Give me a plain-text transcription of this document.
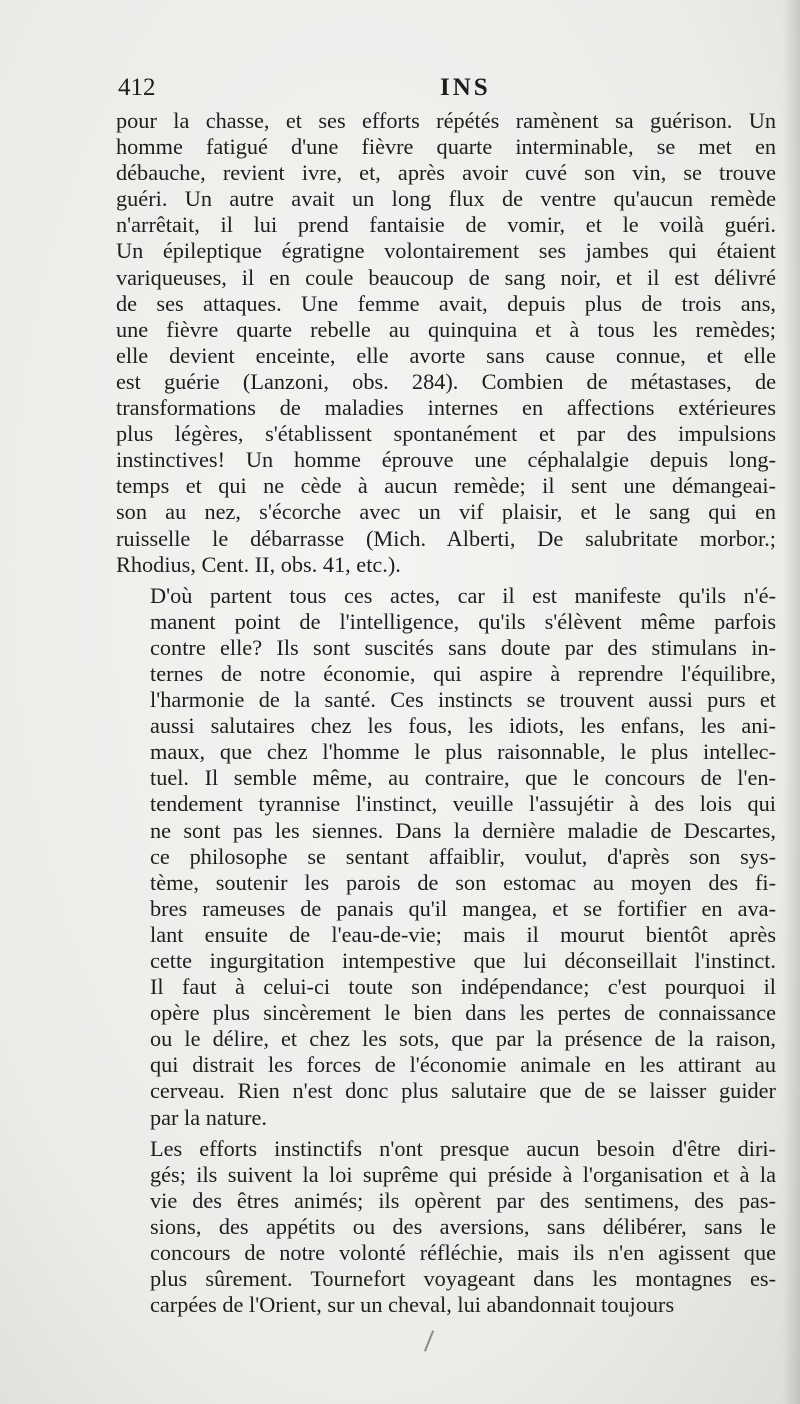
412	INS

pour la chasse, et ses efforts répétés ramènent sa guérison. Un
homme fatigué d'une fièvre quarte interminable, se met en
débauche, revient ivre, et, après avoir cuvé son vin, se trouve
guéri. Un autre avait un long flux de ventre qu'aucun remède
n'arrêtait, il lui prend fantaisie de vomir, et le voilà guéri.
Un épileptique égratigne volontairement ses jambes qui étaient
variqueuses, il en coule beaucoup de sang noir, et il est délivré
de ses attaques. Une femme avait, depuis plus de trois ans,
une fièvre quarte rebelle au quinquina et à tous les remèdes;
elle devient enceinte, elle avorte sans cause connue, et elle
est guérie (Lanzoni, obs. 284). Combien de métastases, de
transformations de maladies internes en affections extérieures
plus légères, s'établissent spontanément et par des impulsions
instinctives! Un homme éprouve une céphalalgie depuis long-
temps et qui ne cède à aucun remède; il sent une démangeai-
son au nez, s'écorche avec un vif plaisir, et le sang qui en
ruisselle le débarrasse (Mich. Alberti, De salubritate morbor.;
Rhodius, Cent. II, obs. 41, etc.).

D'où partent tous ces actes, car il est manifeste qu'ils n'é-
manent point de l'intelligence, qu'ils s'élèvent même parfois
contre elle? Ils sont suscités sans doute par des stimulans in-
ternes de notre économie, qui aspire à reprendre l'équilibre,
l'harmonie de la santé. Ces instincts se trouvent aussi purs et
aussi salutaires chez les fous, les idiots, les enfans, les ani-
maux, que chez l'homme le plus raisonnable, le plus intellec-
tuel. Il semble même, au contraire, que le concours de l'en-
tendement tyrannise l'instinct, veuille l'assujétir à des lois qui
ne sont pas les siennes. Dans la dernière maladie de Descartes,
ce philosophe se sentant affaiblir, voulut, d'après son sys-
tème, soutenir les parois de son estomac au moyen des fi-
bres rameuses de panais qu'il mangea, et se fortifier en ava-
lant ensuite de l'eau-de-vie; mais il mourut bientôt après
cette ingurgitation intempestive que lui déconseillait l'instinct.
Il faut à celui-ci toute son indépendance; c'est pourquoi il
opère plus sincèrement le bien dans les pertes de connaissance
ou le délire, et chez les sots, que par la présence de la raison,
qui distrait les forces de l'économie animale en les attirant au
cerveau. Rien n'est donc plus salutaire que de se laisser guider
par la nature.

Les efforts instinctifs n'ont presque aucun besoin d'être diri-
gés; ils suivent la loi suprême qui préside à l'organisation et à la
vie des êtres animés; ils opèrent par des sentimens, des pas-
sions, des appétits ou des aversions, sans délibérer, sans le
concours de notre volonté réfléchie, mais ils n'en agissent que
plus sûrement. Tournefort voyageant dans les montagnes es-
carpées de l'Orient, sur un cheval, lui abandonnait toujours
